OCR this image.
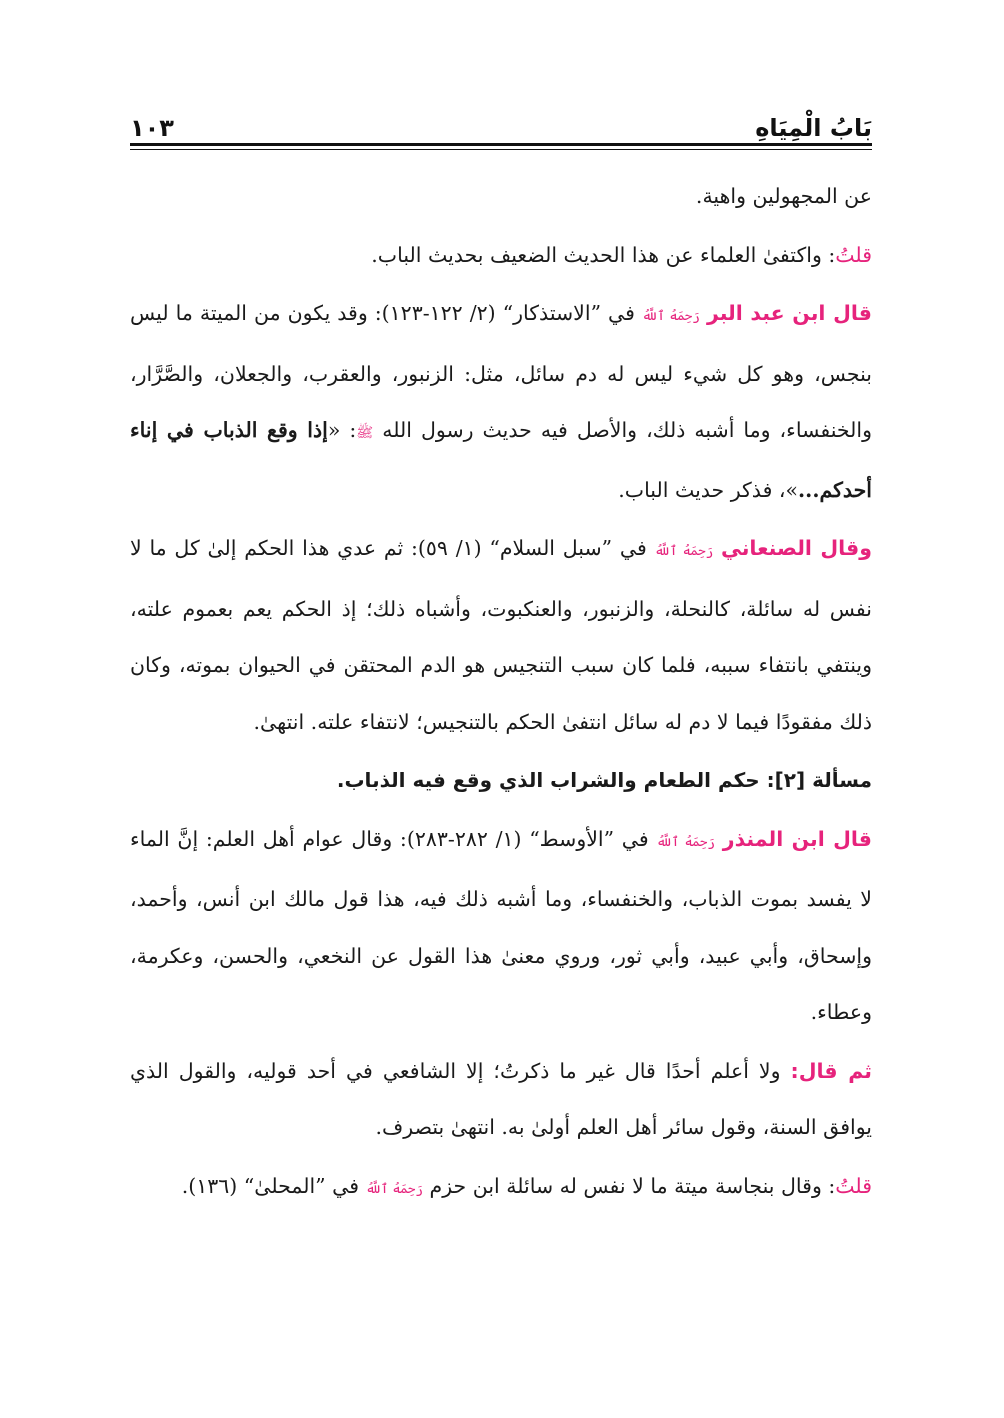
بَابُ الْمِيَاهِ
١٠٣

عن المجهولين واهية.

قلتُ: واكتفىٰ العلماء عن هذا الحديث الضعيف بحديث الباب.

قال ابن عبد البر رَحِمَهُ ٱللَّهُ في ”الاستذكار“ (٢/ ١٢٢-١٢٣): وقد يكون من الميتة ما ليس بنجس، وهو كل شيء ليس له دم سائل، مثل: الزنبور، والعقرب، والجعلان، والصَّرَّار، والخنفساء، وما أشبه ذلك، والأصل فيه حديث رسول الله ﷺ: «إذا وقع الذباب في إناء أحدكم...»، فذكر حديث الباب.

وقال الصنعاني رَحِمَهُ ٱللَّهُ في ”سبل السلام“ (١/ ٥٩): ثم عدي هذا الحكم إلىٰ كل ما لا نفس له سائلة، كالنحلة، والزنبور، والعنكبوت، وأشباه ذلك؛ إذ الحكم يعم بعموم علته، وينتفي بانتفاء سببه، فلما كان سبب التنجيس هو الدم المحتقن في الحيوان بموته، وكان ذلك مفقودًا فيما لا دم له سائل انتفىٰ الحكم بالتنجيس؛ لانتفاء علته. انتهىٰ.

مسألة [٢]: حكم الطعام والشراب الذي وقع فيه الذباب.

قال ابن المنذر رَحِمَهُ ٱللَّهُ في ”الأوسط“ (١/ ٢٨٢-٢٨٣): وقال عوام أهل العلم: إنَّ الماء لا يفسد بموت الذباب، والخنفساء، وما أشبه ذلك فيه، هذا قول مالك ابن أنس، وأحمد، وإسحاق، وأبي عبيد، وأبي ثور، وروي معنىٰ هذا القول عن النخعي، والحسن، وعكرمة، وعطاء.

ثم قال: ولا أعلم أحدًا قال غير ما ذكرتُ؛ إلا الشافعي في أحد قوليه، والقول الذي يوافق السنة، وقول سائر أهل العلم أولىٰ به. انتهىٰ بتصرف.

قلتُ: وقال بنجاسة ميتة ما لا نفس له سائلة ابن حزم رَحِمَهُ ٱللَّهُ في ”المحلىٰ“ (١٣٦).
